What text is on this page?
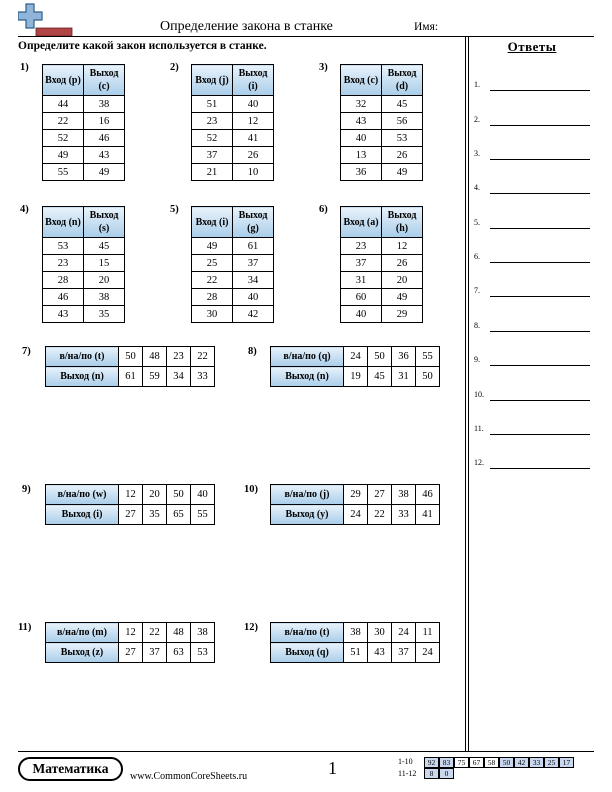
Определение закона в станке	Имя:
Определите какой закон используется в станке.	Ответы
1.
2.
3.
4.
5.
6.
7.
8.
9.
10.
11.
12.
1)
Вход (p)	Выход (c)
44	38
22	16
52	46
49	43
55	49
2)
Вход (j)	Выход (i)
51	40
23	12
52	41
37	26
21	10
3)
Вход (c)	Выход (d)
32	45
43	56
40	53
13	26
36	49
4)
Вход (n)	Выход (s)
53	45
23	15
28	20
46	38
43	35
5)
Вход (i)	Выход (g)
49	61
25	37
22	34
28	40
30	42
6)
Вход (a)	Выход (h)
23	12
37	26
31	20
60	49
40	29
7)	в/на/по (t)	50	48	23	22
Выход (n)	61	59	34	33
8)	в/на/по (q)	24	50	36	55
Выход (n)	19	45	31	50
9)	в/на/по (w)	12	20	50	40
Выход (i)	27	35	65	55
10)	в/на/по (j)	29	27	38	46
Выход (y)	24	22	33	41
11)	в/на/по (m)	12	22	48	38
Выход (z)	27	37	63	53
12)	в/на/по (t)	38	30	24	11
Выход (q)	51	43	37	24
Математика
www.CommonCoreSheets.ru	1	1-10
11-12
92	83	75	67	58	50	42	33	25	17
8	0
